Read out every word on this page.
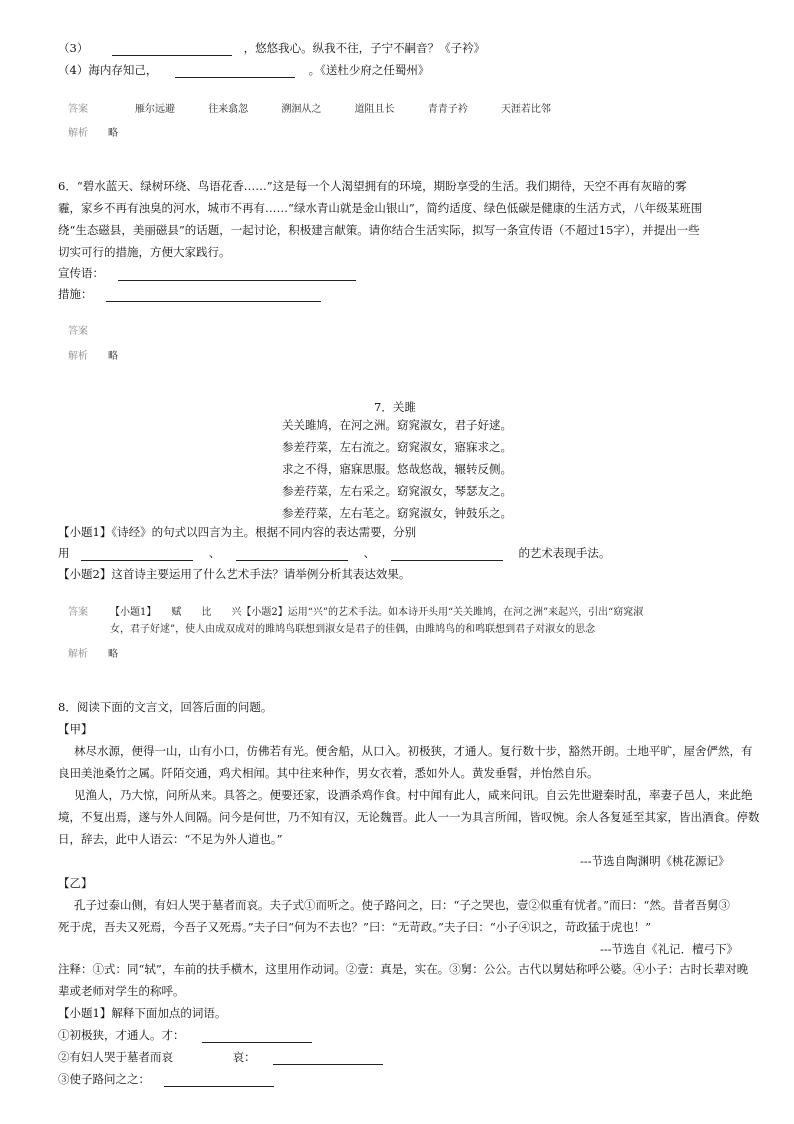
（3）	，悠悠我心。纵我不往，子宁不嗣音？《子衿》
（4）海内存知己，	。《送杜少府之任蜀州》
答案	雁尔远避	往来翕忽	溯洄从之	道阻且长	青青子衿	天涯若比邻
解析 略
6．“碧水蓝天、绿树环绕、鸟语花香……”这是每一个人渴望拥有的环境，期盼享受的生活。我们期待，天空不再有灰暗的雾
霾，家乡不再有浊臭的河水，城市不再有……“绿水青山就是金山银山”，简约适度、绿色低碳是健康的生活方式，八年级某班围
绕“生态磁县，美丽磁县”的话题，一起讨论，积极建言献策。请你结合生活实际，拟写一条宣传语（不超过15字），并提出一些
切实可行的措施，方便大家践行。
宣传语：
措施：
答案
解析 略
7．关雎
关关雎鸠，在河之洲。窈窕淑女，君子好逑。
参差荇菜，左右流之。窈窕淑女，寤寐求之。
求之不得，寤寐思服。悠哉悠哉，辗转反侧。
参差荇菜，左右采之。窈窕淑女，琴瑟友之。
参差荇菜，左右芼之。窈窕淑女，钟鼓乐之。
【小题1】《诗经》的句式以四言为主。根据不同内容的表达需要，分别
用	、	、	的艺术表现手法。
【小题2】这首诗主要运用了什么艺术手法？请举例分析其表达效果。
答案 【小题1】　　赋　　比　　兴【小题2】运用“兴”的艺术手法。如本诗开头用“关关雎鸠，在河之洲”来起兴，引出“窈窕淑
女，君子好逑”，使人由成双成对的雎鸠鸟联想到淑女是君子的佳偶，由雎鸠鸟的和鸣联想到君子对淑女的思念
解析 略
8．阅读下面的文言文，回答后面的问题。
【甲】
林尽水源，便得一山，山有小口，仿佛若有光。便舍船，从口入。初极狭，才通人。复行数十步，豁然开朗。土地平旷，屋舍俨然，有
良田美池桑竹之属。阡陌交通，鸡犬相闻。其中往来种作，男女衣着，悉如外人。黄发垂髫，并怡然自乐。
见渔人，乃大惊，问所从来。具答之。便要还家，设酒杀鸡作食。村中闻有此人，咸来问讯。自云先世避秦时乱，率妻子邑人，来此绝
境，不复出焉，遂与外人间隔。问今是何世，乃不知有汉，无论魏晋。此人一一为具言所闻，皆叹惋。余人各复延至其家，皆出酒食。停数
日，辞去，此中人语云：“不足为外人道也。”
---节选自陶渊明《桃花源记》
【乙】
孔子过泰山侧，有妇人哭于墓者而哀。夫子式①而听之。使子路问之，曰：“子之哭也，壹②似重有忧者。”而曰：“然。昔者吾舅③
死于虎，吾夫又死焉，今吾子又死焉。”夫子曰“何为不去也？”曰：“无苛政。”夫子曰：“小子④识之，苛政猛于虎也！”
---节选自《礼记．檀弓下》
注释：①式：同“轼”，车前的扶手横木，这里用作动词。②壹：真是，实在。③舅：公公。古代以舅姑称呼公婆。④小子：古时长辈对晚
辈或老师对学生的称呼。
【小题1】解释下面加点的词语。
①初极狭，才通人。才：
②有妇人哭于墓者而哀	哀：
③使子路问之之：
